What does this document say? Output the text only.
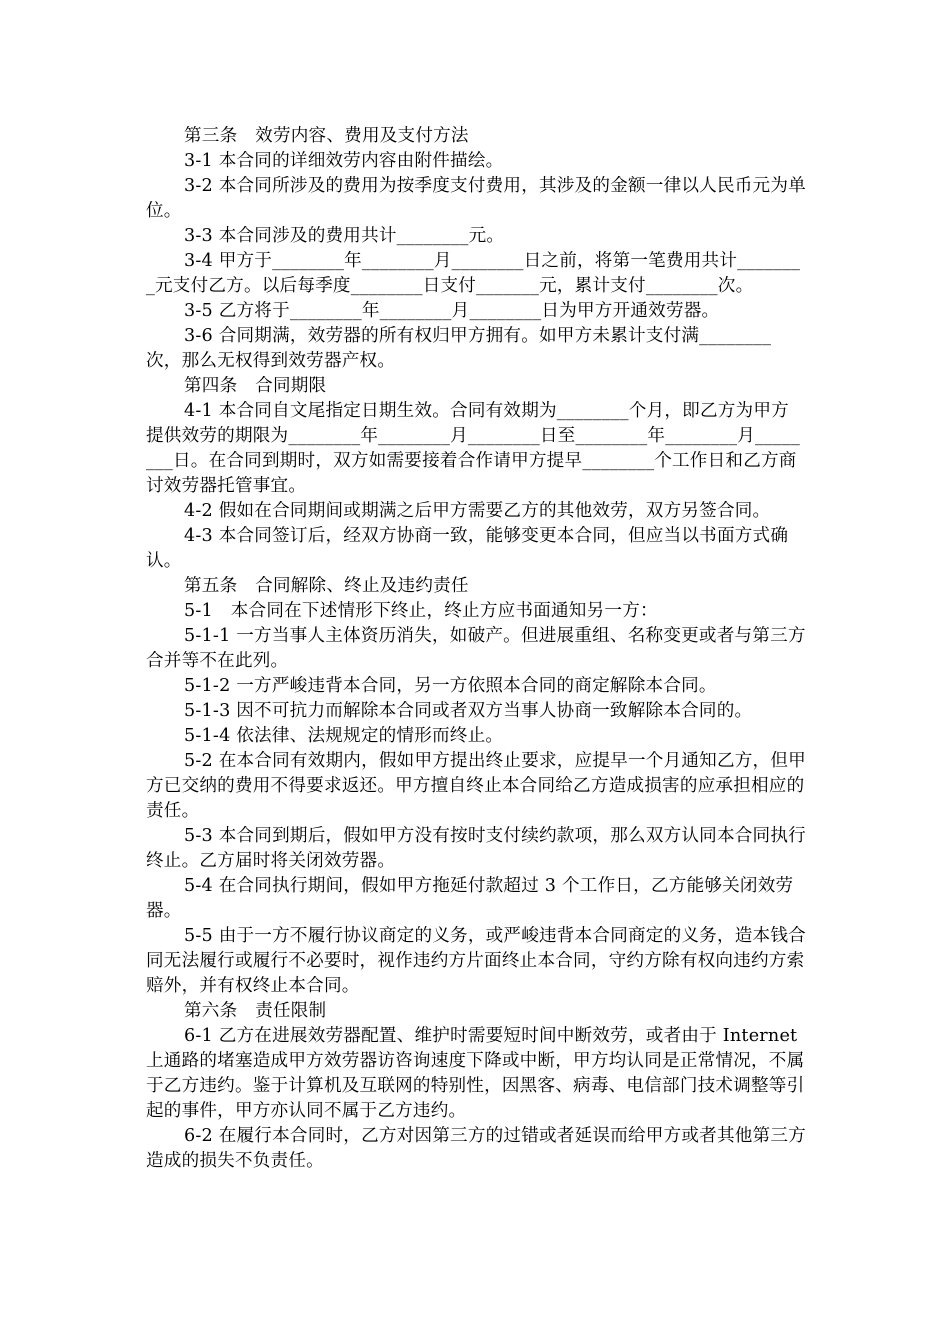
第三条　效劳内容、费用及支付方法

3-1 本合同的详细效劳内容由附件描绘。

3-2 本合同所涉及的费用为按季度支付费用，其涉及的金额一律以人民币元为单位。

3-3 本合同涉及的费用共计________元。

3-4 甲方于________年________月________日之前，将第一笔费用共计________元支付乙方。以后每季度________日支付_______元，累计支付________次。

3-5 乙方将于________年________月________日为甲方开通效劳器。

3-6 合同期满，效劳器的所有权归甲方拥有。如甲方未累计支付满________次，那么无权得到效劳器产权。

第四条　合同期限

4-1 本合同自文尾指定日期生效。合同有效期为________个月，即乙方为甲方提供效劳的期限为________年________月________日至________年________月________日。在合同到期时，双方如需要接着合作请甲方提早________个工作日和乙方商讨效劳器托管事宜。

4-2 假如在合同期间或期满之后甲方需要乙方的其他效劳，双方另签合同。

4-3 本合同签订后，经双方协商一致，能够变更本合同，但应当以书面方式确认。

第五条　合同解除、终止及违约责任

5-1　本合同在下述情形下终止，终止方应书面通知另一方：

5-1-1 一方当事人主体资历消失，如破产。但进展重组、名称变更或者与第三方合并等不在此列。

5-1-2 一方严峻违背本合同，另一方依照本合同的商定解除本合同。

5-1-3 因不可抗力而解除本合同或者双方当事人协商一致解除本合同的。

5-1-4 依法律、法规规定的情形而终止。

5-2 在本合同有效期内，假如甲方提出终止要求，应提早一个月通知乙方，但甲方已交纳的费用不得要求返还。甲方擅自终止本合同给乙方造成损害的应承担相应的责任。

5-3 本合同到期后，假如甲方没有按时支付续约款项，那么双方认同本合同执行终止。乙方届时将关闭效劳器。

5-4 在合同执行期间，假如甲方拖延付款超过 3 个工作日，乙方能够关闭效劳器。

5-5 由于一方不履行协议商定的义务，或严峻违背本合同商定的义务，造本钱合同无法履行或履行不必要时，视作违约方片面终止本合同，守约方除有权向违约方索赔外，并有权终止本合同。

第六条　责任限制

6-1 乙方在进展效劳器配置、维护时需要短时间中断效劳，或者由于 Internet 上通路的堵塞造成甲方效劳器访咨询速度下降或中断，甲方均认同是正常情况，不属于乙方违约。鉴于计算机及互联网的特别性，因黑客、病毒、电信部门技术调整等引起的事件，甲方亦认同不属于乙方违约。

6-2 在履行本合同时，乙方对因第三方的过错或者延误而给甲方或者其他第三方造成的损失不负责任。
